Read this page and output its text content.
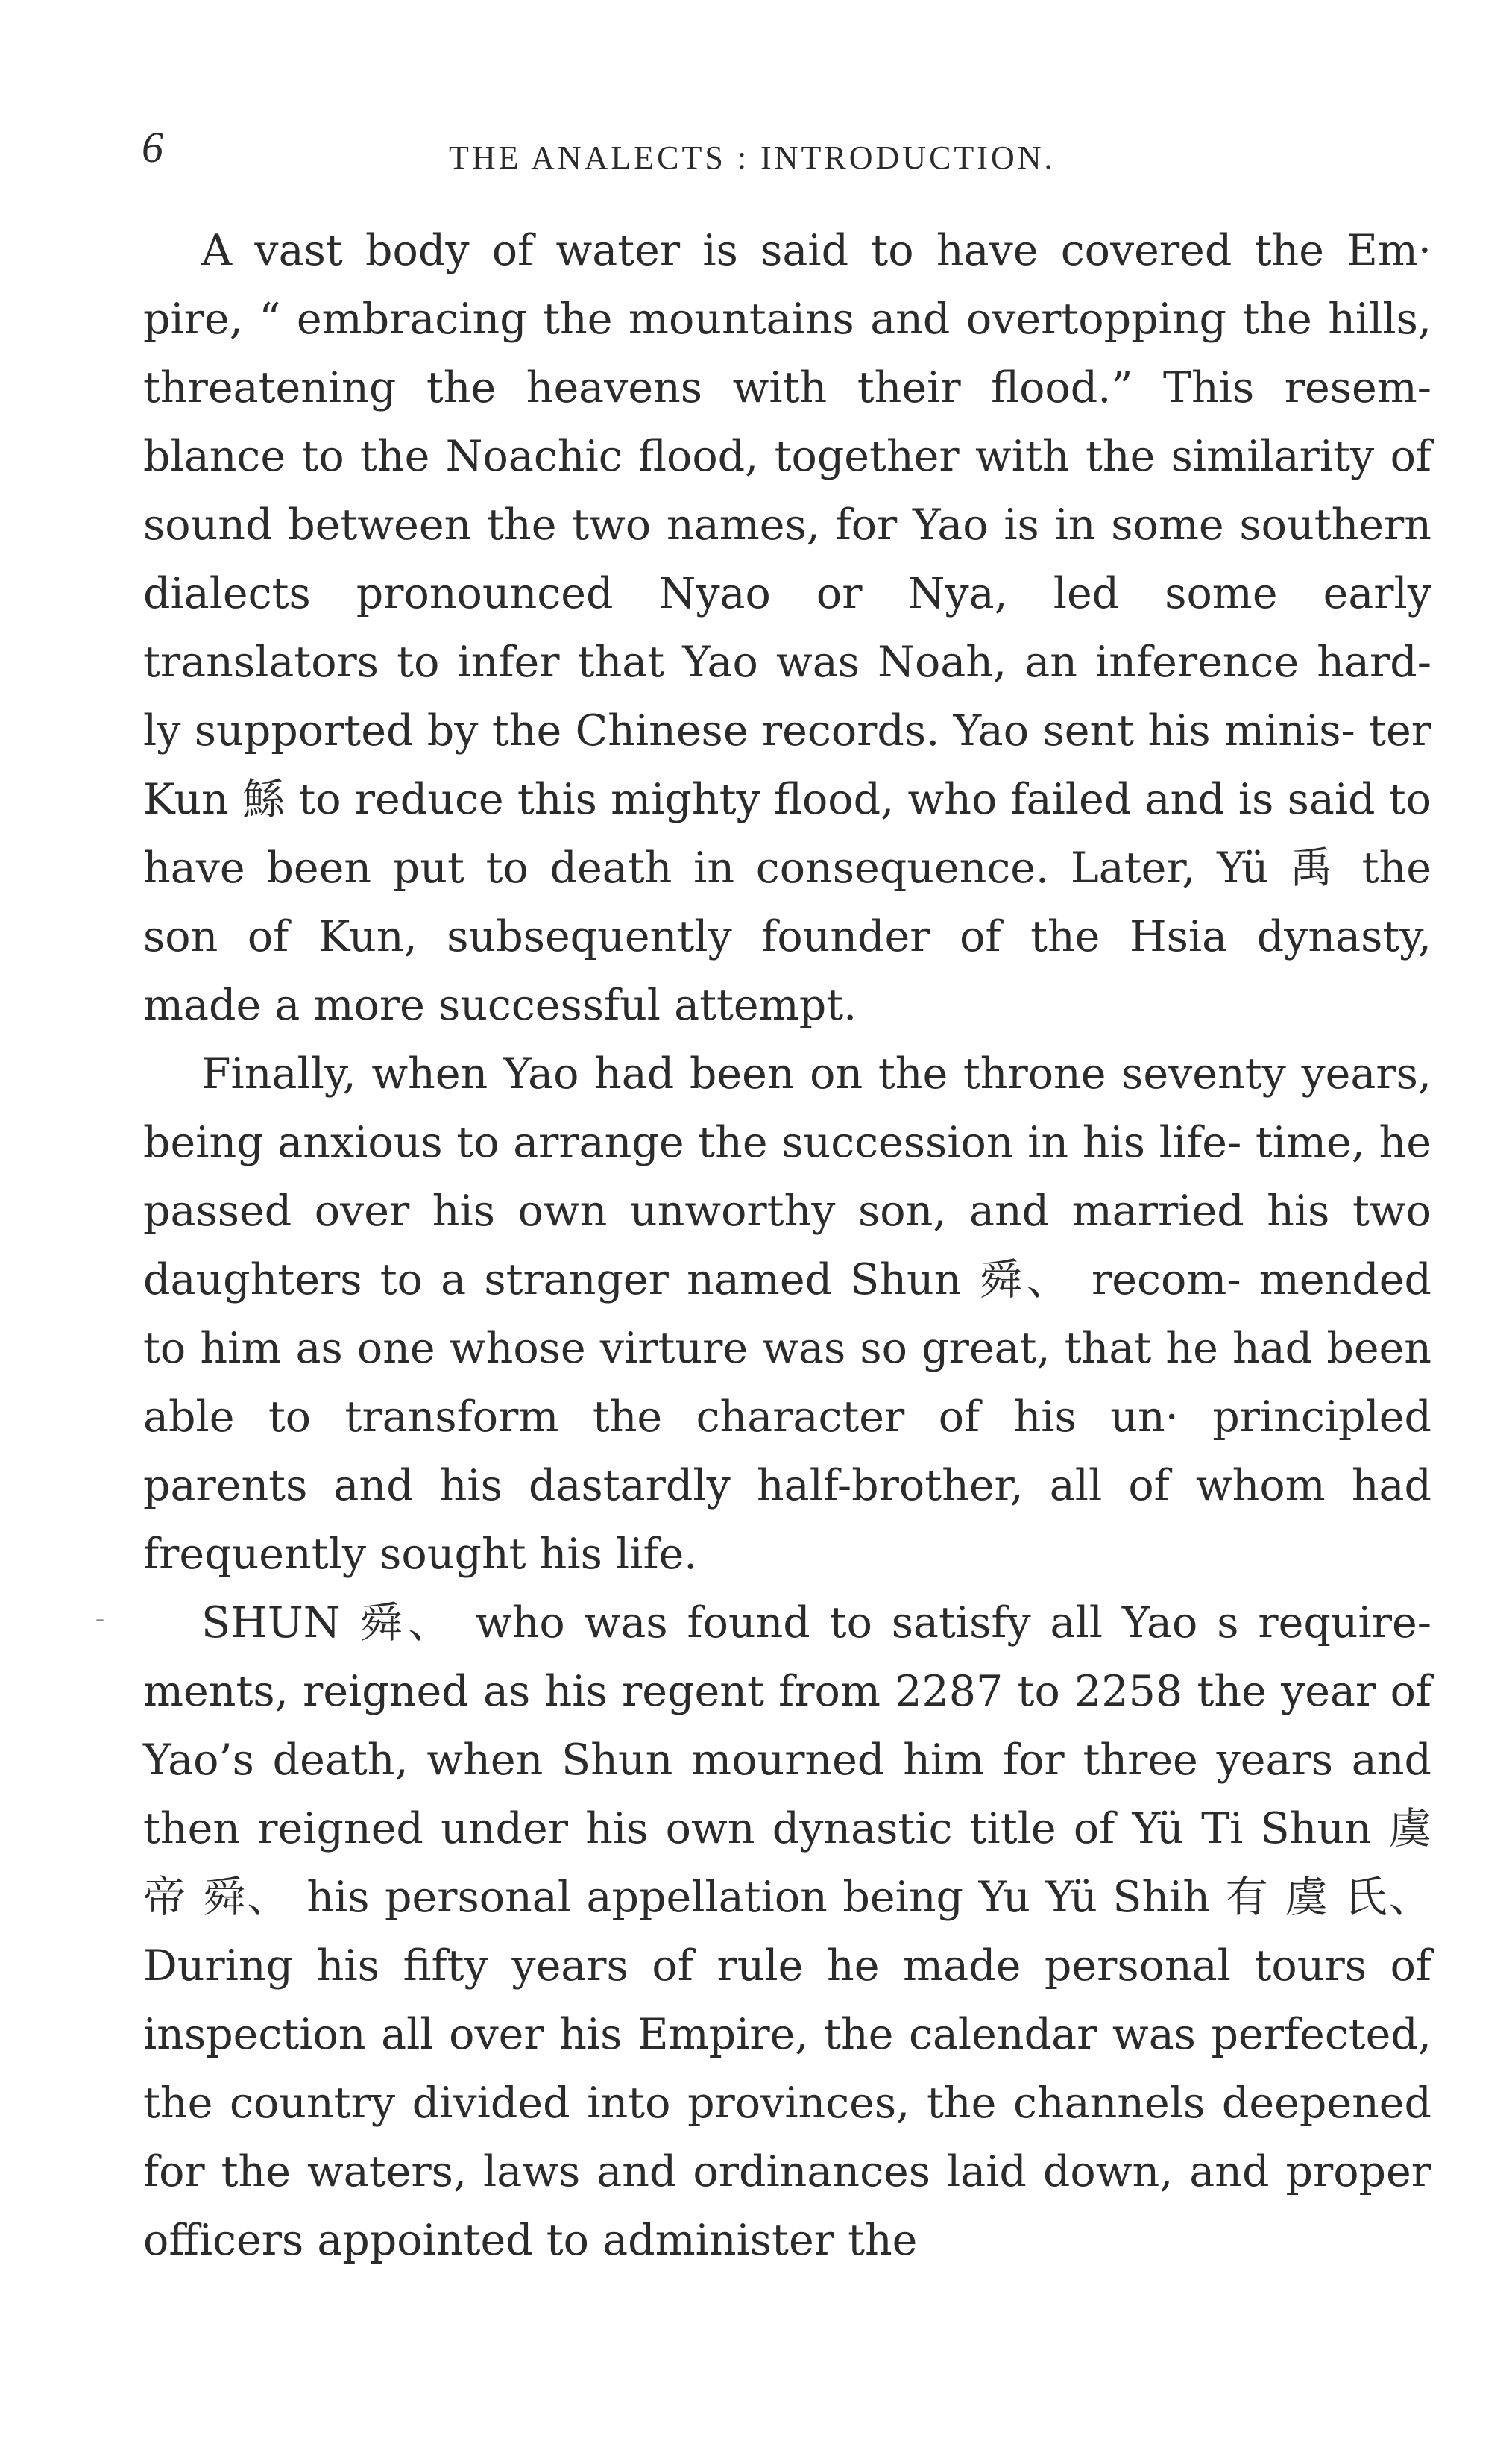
6	THE ANALECTS : INTRODUCTION.
-

A vast body of water is said to have covered the Em· pire, “ embracing the mountains and overtopping the hills, threatening the heavens with their flood.” This resem- blance to the Noachic flood, together with the similarity of sound between the two names, for Yao is in some southern dialects pronounced Nyao or Nya, led some early translators to infer that Yao was Noah, an inference hard- ly supported by the Chinese records. Yao sent his minis- ter Kun 鯀 to reduce this mighty flood, who failed and is said to have been put to death in consequence. Later, Yü 禹 the son of Kun, subsequently founder of the Hsia dynasty, made a more successful attempt.

Finally, when Yao had been on the throne seventy years, being anxious to arrange the succession in his life- time, he passed over his own unworthy son, and married his two daughters to a stranger named Shun 舜、 recom- mended to him as one whose virture was so great, that he had been able to transform the character of his un· principled parents and his dastardly half-brother, all of whom had frequently sought his life.

SHUN 舜、 who was found to satisfy all Yao s require- ments, reigned as his regent from 2287 to 2258 the year of Yao’s death, when Shun mourned him for three years and then reigned under his own dynastic title of Yü Ti Shun 虞 帝 舜、 his personal appellation being Yu Yü Shih 有 虞 氏、 During his fifty years of rule he made personal tours of inspection all over his Empire, the calendar was perfected, the country divided into provinces, the channels deepened for the waters, laws and ordinances laid down, and proper officers appointed to administer the
